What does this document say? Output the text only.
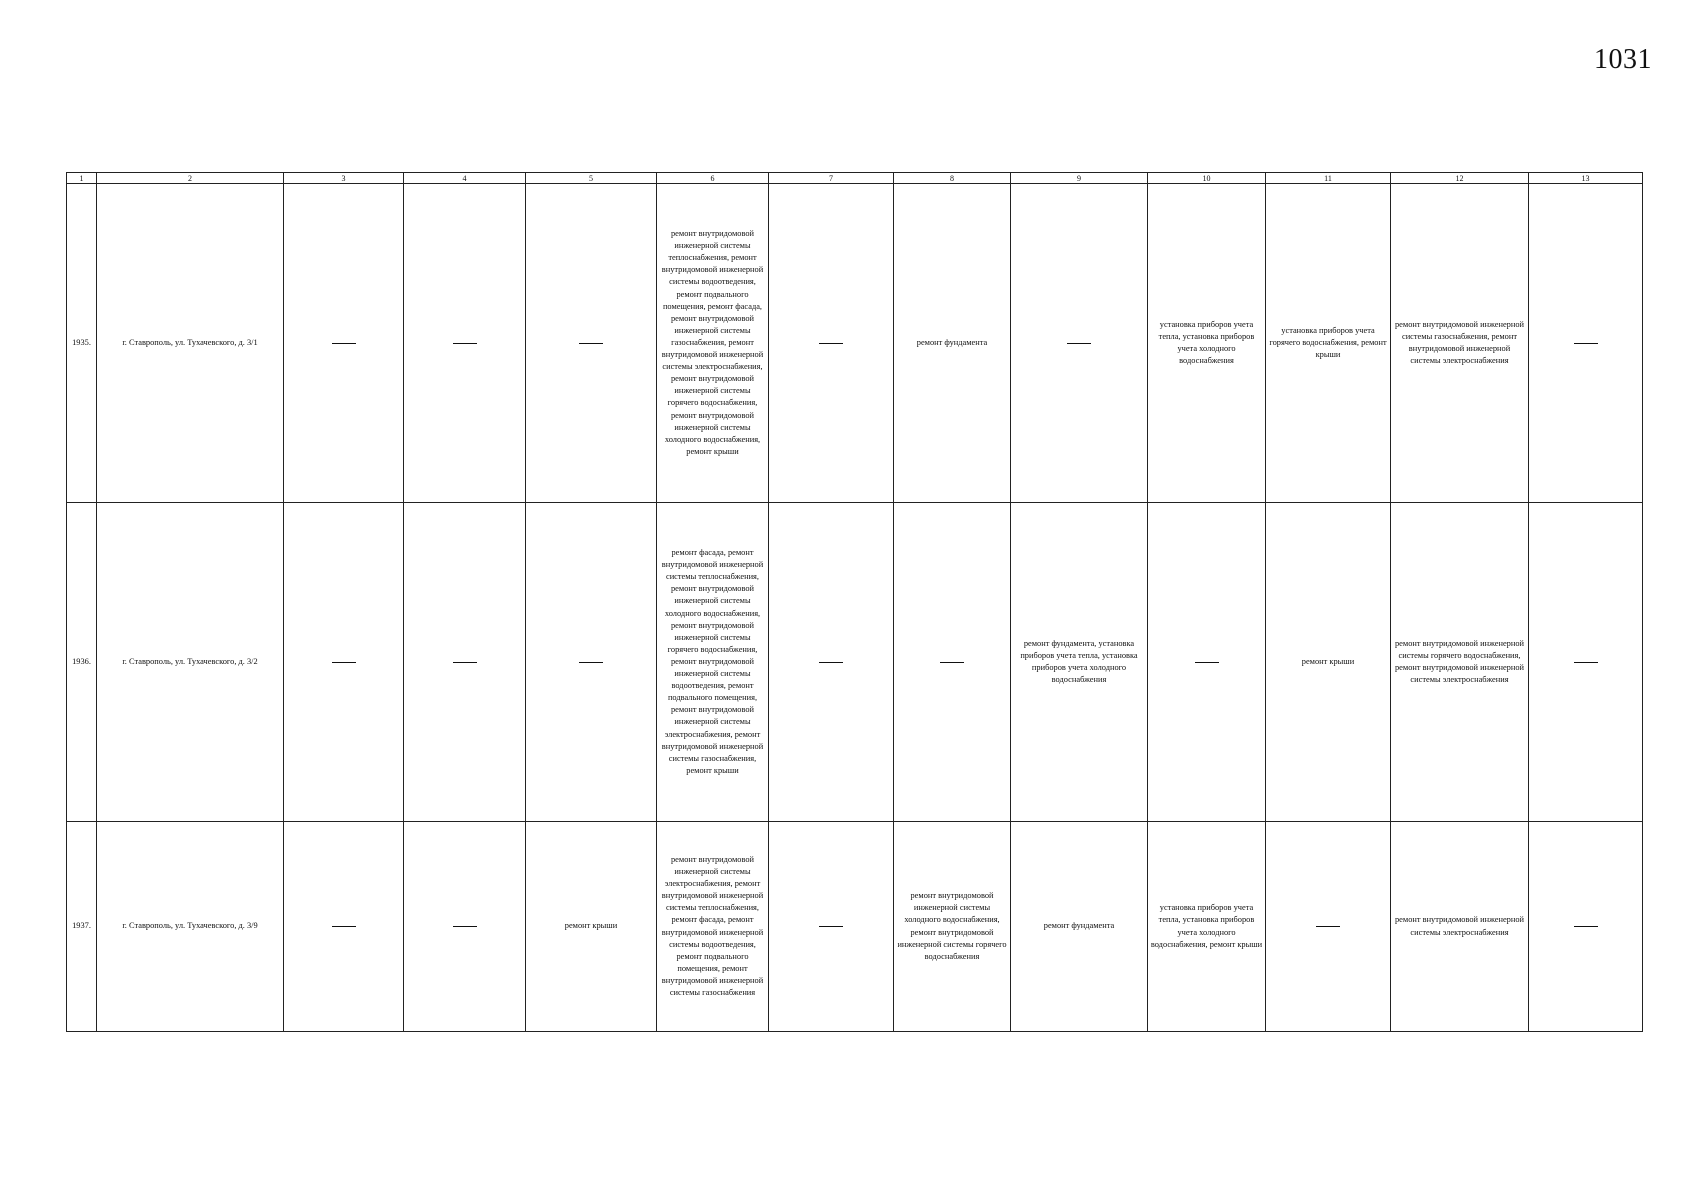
1031
1	2	3	4	5	6	7	8	9	10	11	12	13
1935.	г. Ставрополь, ул. Тухачевского, д. 3/1				ремонт внутридомовой инженерной системы теплоснабжения, ремонт внутридомовой инженерной системы водоотведения, ремонт подвального помещения, ремонт фасада, ремонт внутридомовой инженерной системы газоснабжения, ремонт внутридомовой инженерной системы электроснабжения, ремонт внутридомовой инженерной системы горячего водоснабжения, ремонт внутридомовой инженерной системы холодного водоснабжения, ремонт крыши		ремонт фундамента		установка приборов учета тепла, установка приборов учета холодного водоснабжения	установка приборов учета горячего водоснабжения, ремонт крыши	ремонт внутридомовой инженерной системы газоснабжения, ремонт внутридомовой инженерной системы электроснабжения	
1936.	г. Ставрополь, ул. Тухачевского, д. 3/2				ремонт фасада, ремонт внутридомовой инженерной системы теплоснабжения, ремонт внутридомовой инженерной системы холодного водоснабжения, ремонт внутридомовой инженерной системы горячего водоснабжения, ремонт внутридомовой инженерной системы водоотведения, ремонт подвального помещения, ремонт внутридомовой инженерной системы электроснабжения, ремонт внутридомовой инженерной системы газоснабжения, ремонт крыши			ремонт фундамента, установка приборов учета тепла, установка приборов учета холодного водоснабжения		ремонт крыши	ремонт внутридомовой инженерной системы горячего водоснабжения, ремонт внутридомовой инженерной системы электроснабжения	
1937.	г. Ставрополь, ул. Тухачевского, д. 3/9			ремонт крыши	ремонт внутридомовой инженерной системы электроснабжения, ремонт внутридомовой инженерной системы теплоснабжения, ремонт фасада, ремонт внутридомовой инженерной системы водоотведения, ремонт подвального помещения, ремонт внутридомовой инженерной системы газоснабжения		ремонт внутридомовой инженерной системы холодного водоснабжения, ремонт внутридомовой инженерной системы горячего водоснабжения	ремонт фундамента	установка приборов учета тепла, установка приборов учета холодного водоснабжения, ремонт крыши		ремонт внутридомовой инженерной системы электроснабжения	
